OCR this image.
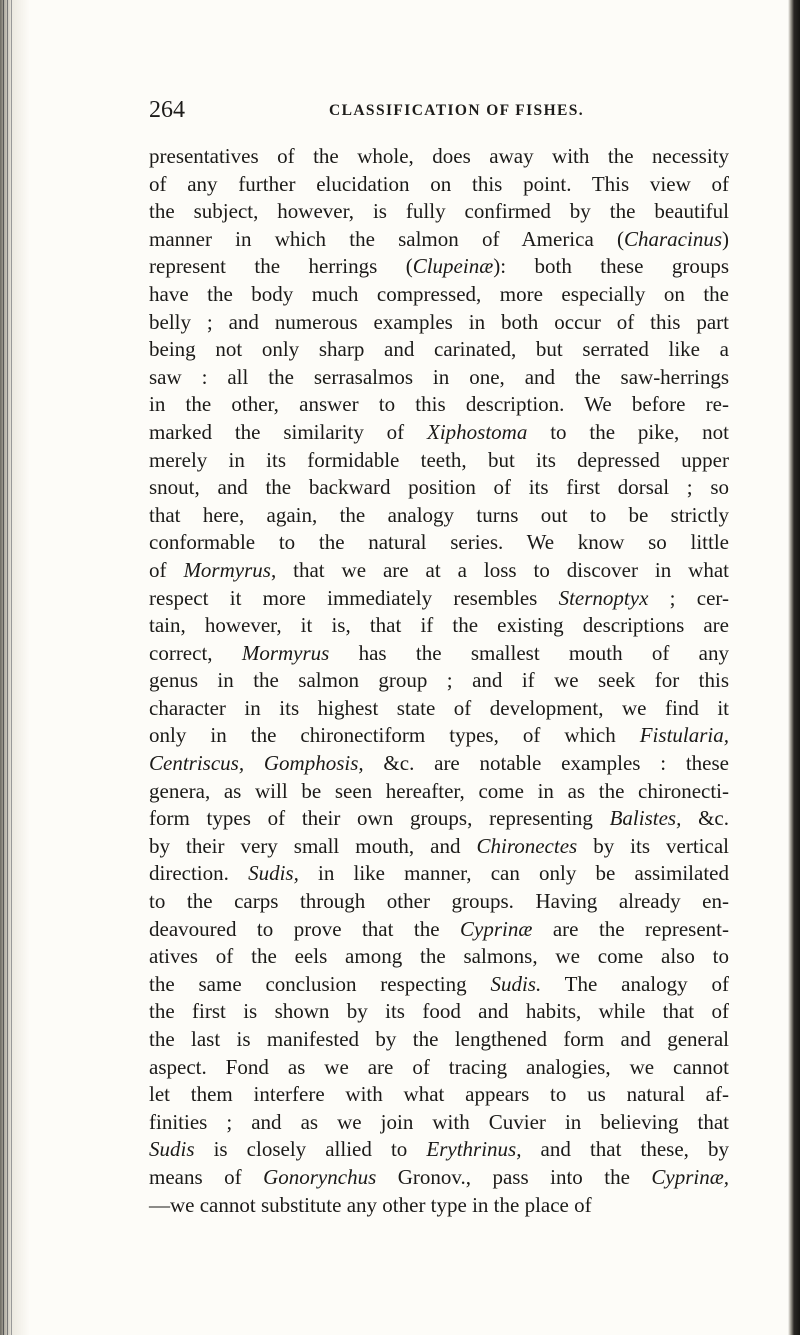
264	CLASSIFICATION OF FISHES.
presentatives of the whole, does away with the necessity
of any further elucidation on this point. This view of
the subject, however, is fully confirmed by the beautiful
manner in which the salmon of America (Characinus)
represent the herrings (Clupeinæ): both these groups
have the body much compressed, more especially on the
belly ; and numerous examples in both occur of this part
being not only sharp and carinated, but serrated like a
saw : all the serrasalmos in one, and the saw-herrings
in the other, answer to this description. We before re-
marked the similarity of Xiphostoma to the pike, not
merely in its formidable teeth, but its depressed upper
snout, and the backward position of its first dorsal ; so
that here, again, the analogy turns out to be strictly
conformable to the natural series. We know so little
of Mormyrus, that we are at a loss to discover in what
respect it more immediately resembles Sternoptyx ; cer-
tain, however, it is, that if the existing descriptions are
correct, Mormyrus has the smallest mouth of any
genus in the salmon group ; and if we seek for this
character in its highest state of development, we find it
only in the chironectiform types, of which Fistularia,
Centriscus, Gomphosis, &c. are notable examples : these
genera, as will be seen hereafter, come in as the chironecti-
form types of their own groups, representing Balistes, &c.
by their very small mouth, and Chironectes by its vertical
direction. Sudis, in like manner, can only be assimilated
to the carps through other groups. Having already en-
deavoured to prove that the Cyprinæ are the represent-
atives of the eels among the salmons, we come also to
the same conclusion respecting Sudis. The analogy of
the first is shown by its food and habits, while that of
the last is manifested by the lengthened form and general
aspect. Fond as we are of tracing analogies, we cannot
let them interfere with what appears to us natural af-
finities ; and as we join with Cuvier in believing that
Sudis is closely allied to Erythrinus, and that these, by
means of Gonorynchus Gronov., pass into the Cyprinæ,
—we cannot substitute any other type in the place of
